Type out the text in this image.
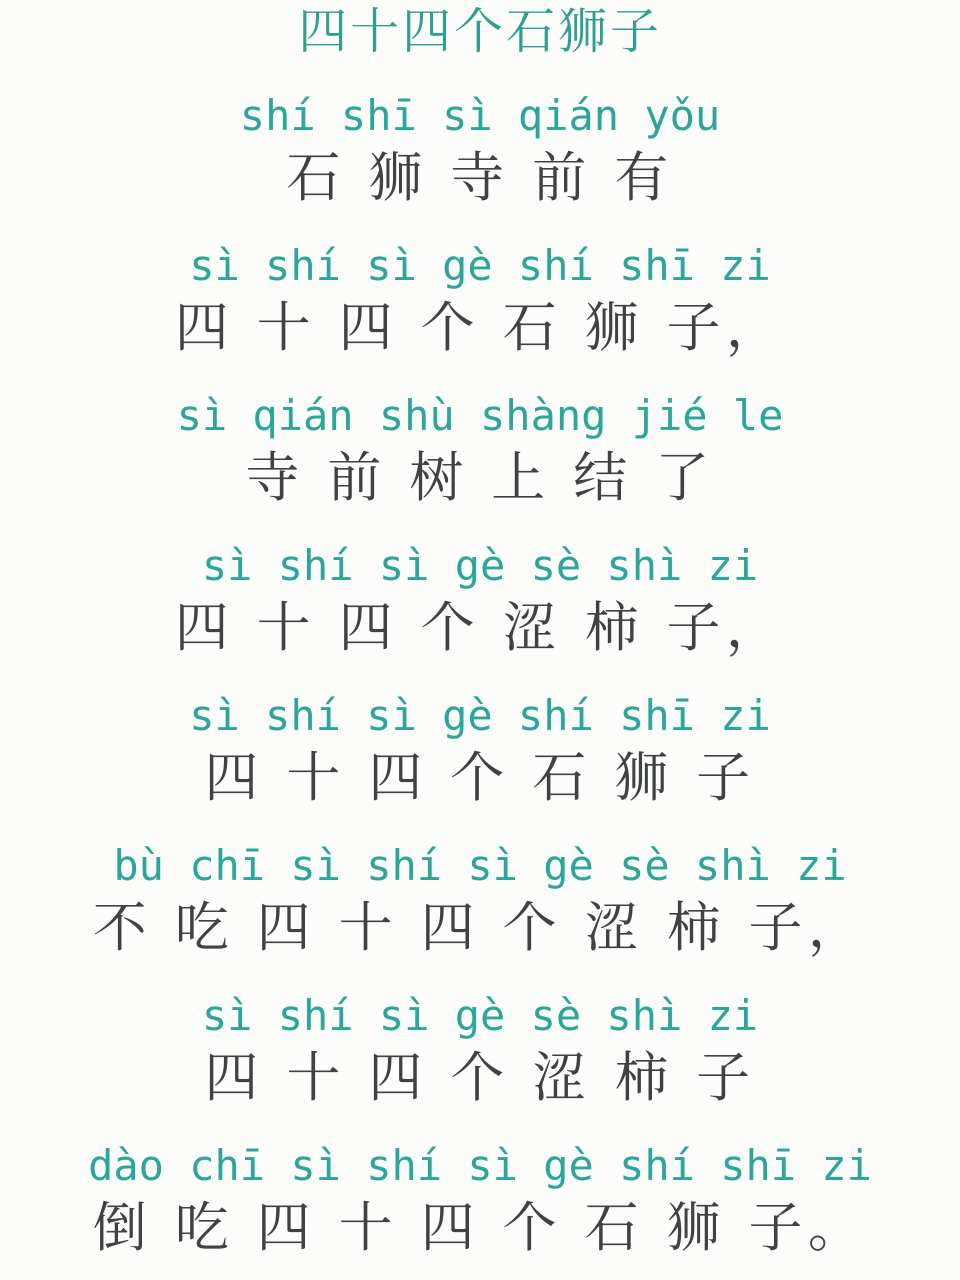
四十四个石狮子
shí shī sì qián yǒu
石 狮 寺 前 有
sì shí sì gè shí shī zi
四 十 四 个 石 狮 子，
sì qián shù shàng jié le
寺 前 树 上 结 了
sì shí sì gè sè shì zi
四 十 四 个 涩 柿 子，
sì shí sì gè shí shī zi
四 十 四 个 石 狮 子
bù chī sì shí sì gè sè shì zi
不 吃 四 十 四 个 涩 柿 子，
sì shí sì gè sè shì zi
四 十 四 个 涩 柿 子
dào chī sì shí sì gè shí shī zi
倒 吃 四 十 四 个 石 狮 子。
